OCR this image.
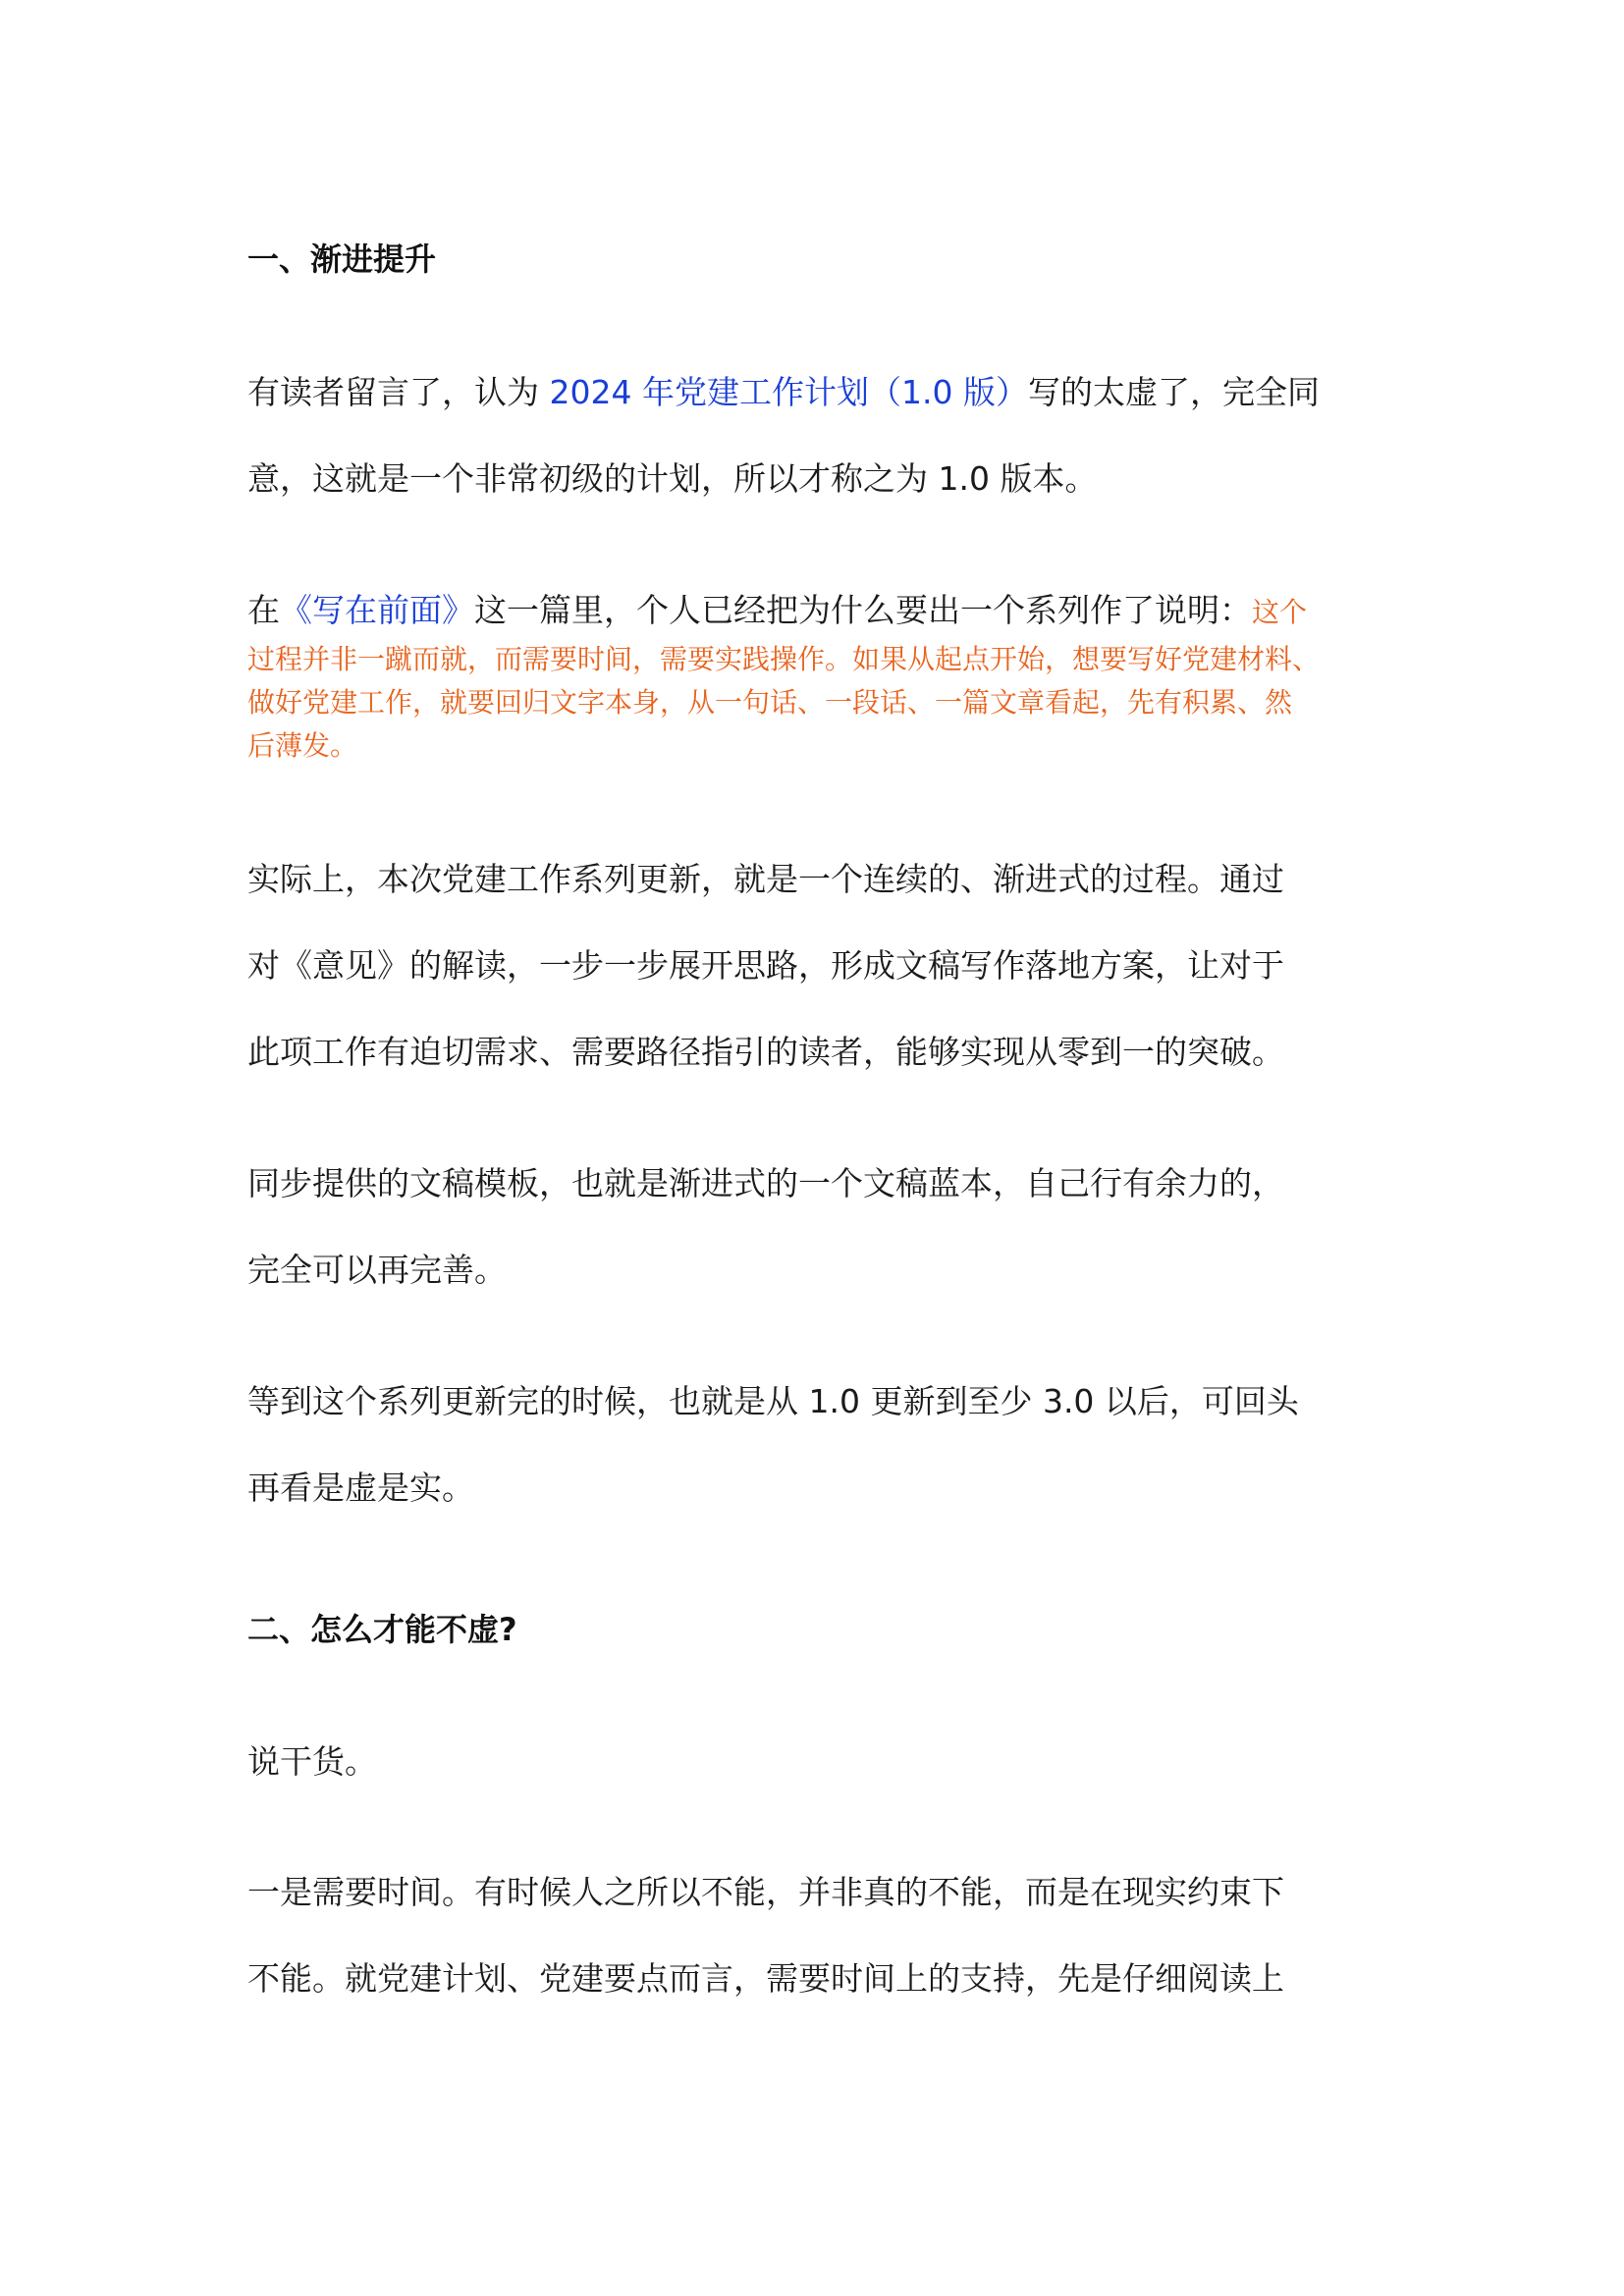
一、渐进提升
有读者留言了，认为 2024 年党建工作计划（1.0 版）写的太虚了，完全同
意，这就是一个非常初级的计划，所以才称之为 1.0 版本。
在《写在前面》这一篇里，个人已经把为什么要出一个系列作了说明：这个
过程并非一蹴而就，而需要时间，需要实践操作。如果从起点开始，想要写好党建材料、
做好党建工作，就要回归文字本身，从一句话、一段话、一篇文章看起，先有积累、然
后薄发。
实际上，本次党建工作系列更新，就是一个连续的、渐进式的过程。通过
对《意见》的解读，一步一步展开思路，形成文稿写作落地方案，让对于
此项工作有迫切需求、需要路径指引的读者，能够实现从零到一的突破。
同步提供的文稿模板，也就是渐进式的一个文稿蓝本，自己行有余力的，
完全可以再完善。
等到这个系列更新完的时候，也就是从 1.0 更新到至少 3.0 以后，可回头
再看是虚是实。
二、怎么才能不虚?
说干货。
一是需要时间。有时候人之所以不能，并非真的不能，而是在现实约束下
不能。就党建计划、党建要点而言，需要时间上的支持，先是仔细阅读上
